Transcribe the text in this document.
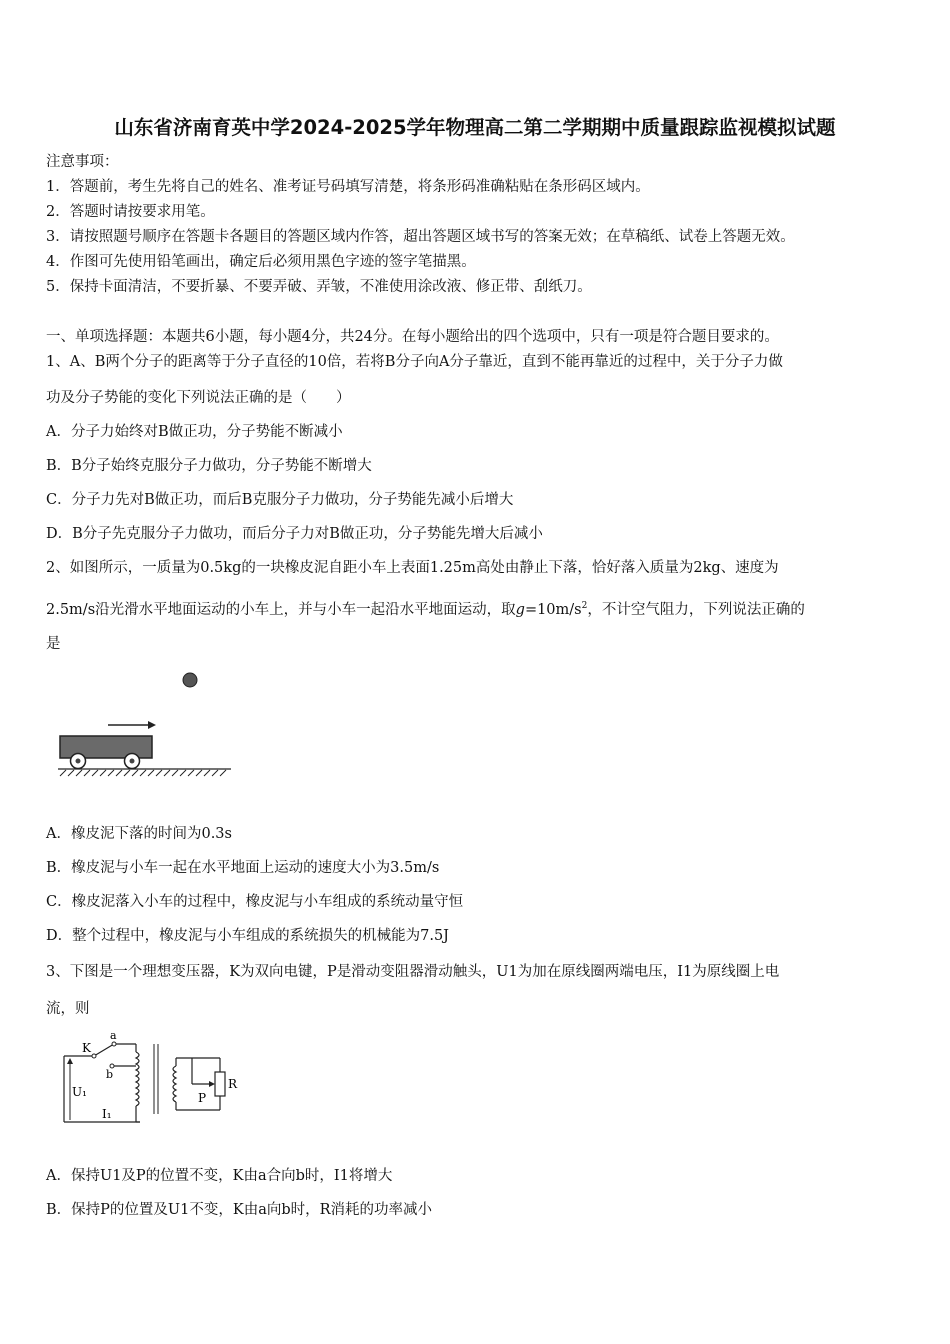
山东省济南育英中学2024-2025学年物理高二第二学期期中质量跟踪监视模拟试题
注意事项：
1．答题前，考生先将自己的姓名、准考证号码填写清楚，将条形码准确粘贴在条形码区域内。
2．答题时请按要求用笔。
3．请按照题号顺序在答题卡各题目的答题区域内作答，超出答题区域书写的答案无效；在草稿纸、试卷上答题无效。
4．作图可先使用铅笔画出，确定后必须用黑色字迹的签字笔描黑。
5．保持卡面清洁，不要折暴、不要弄破、弄皱，不准使用涂改液、修正带、刮纸刀。
一、单项选择题：本题共6小题，每小题4分，共24分。在每小题给出的四个选项中，只有一项是符合题目要求的。
1、A、B两个分子的距离等于分子直径的10倍，若将B分子向A分子靠近，直到不能再靠近的过程中，关于分子力做
功及分子势能的变化下列说法正确的是（　　）
A．分子力始终对B做正功，分子势能不断减小
B．B分子始终克服分子力做功，分子势能不断增大
C．分子力先对B做正功，而后B克服分子力做功，分子势能先减小后增大
D．B分子先克服分子力做功，而后分子力对B做正功，分子势能先增大后减小
2、如图所示，一质量为0.5kg的一块橡皮泥自距小车上表面1.25m高处由静止下落，恰好落入质量为2kg、速度为
2.5m/s沿光滑水平地面运动的小车上，并与小车一起沿水平地面运动，取$g=10m/s^2$，不计空气阻力，下列说法正确的
是
A．橡皮泥下落的时间为0.3s
B．橡皮泥与小车一起在水平地面上运动的速度大小为3.5m/s
C．橡皮泥落入小车的过程中，橡皮泥与小车组成的系统动量守恒
D．整个过程中，橡皮泥与小车组成的系统损失的机械能为7.5J
3、下图是一个理想变压器，K为双向电键，P是滑动变阻器滑动触头，U1为加在原线圈两端电压，I1为原线圈上电
流，则
K
a
b
U₁
I₁
P
R
A．保持U1及P的位置不变，K由a合向b时，I1将增大
B．保持P的位置及U1不变，K由a向b时，R消耗的功率减小
